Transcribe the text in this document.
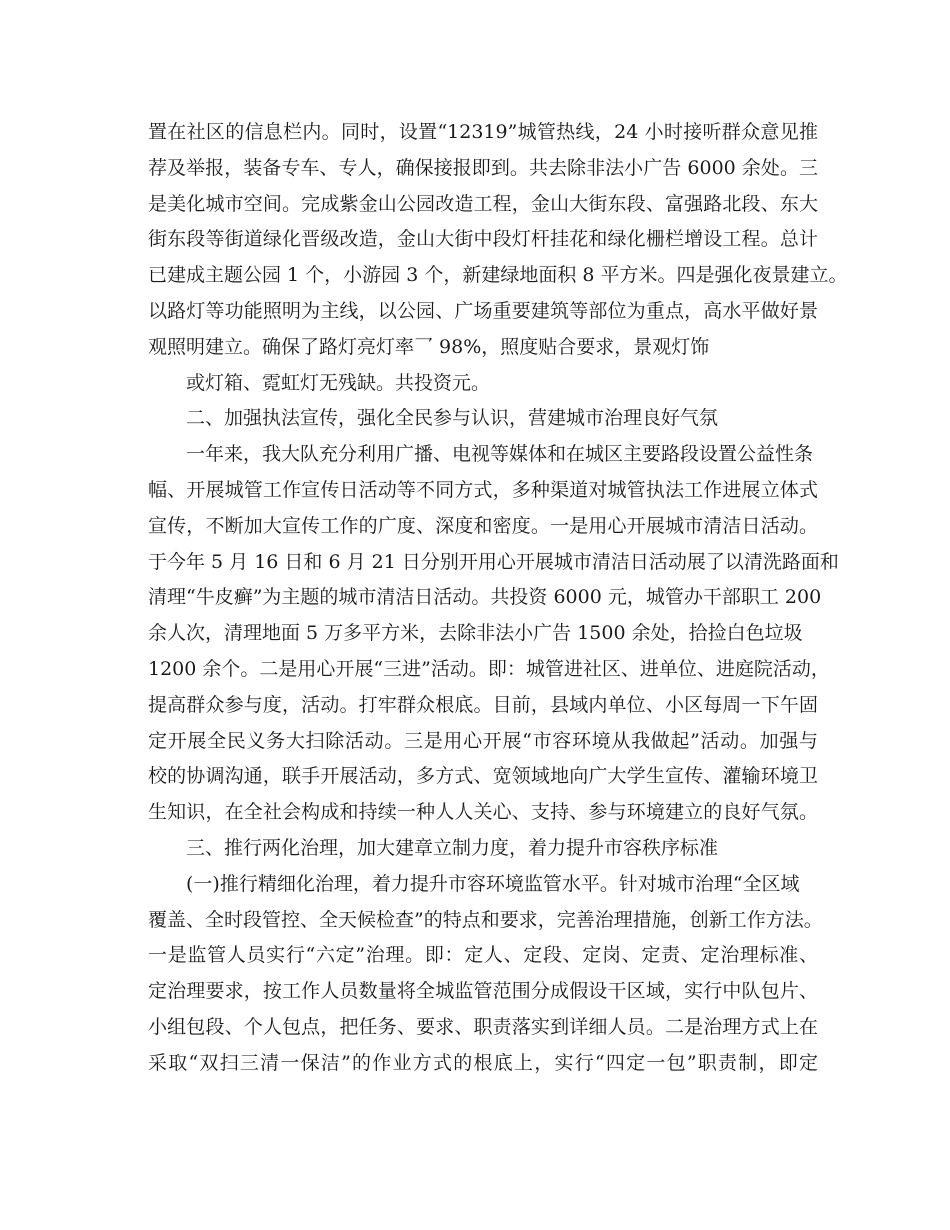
置在社区的信息栏内。同时，设置“12319”城管热线，24 小时接听群众意见推
荐及举报，装备专车、专人，确保接报即到。共去除非法小广告 6000 余处。三
是美化城市空间。完成紫金山公园改造工程，金山大街东段、富强路北段、东大
街东段等街道绿化晋级改造，金山大街中段灯杆挂花和绿化栅栏增设工程。总计
已建成主题公园 1 个，小游园 3 个，新建绿地面积 8 平方米。四是强化夜景建立。
以路灯等功能照明为主线，以公园、广场重要建筑等部位为重点，高水平做好景
观照明建立。确保了路灯亮灯率乛 98%，照度贴合要求，景观灯饰
或灯箱、霓虹灯无残缺。共投资元。
二、加强执法宣传，强化全民参与认识，营建城市治理良好气氛
一年来，我大队充分利用广播、电视等媒体和在城区主要路段设置公益性条
幅、开展城管工作宣传日活动等不同方式，多种渠道对城管执法工作进展立体式
宣传，不断加大宣传工作的广度、深度和密度。一是用心开展城市清洁日活动。
于今年 5 月 16 日和 6 月 21 日分别开用心开展城市清洁日活动展了以清洗路面和
清理“牛皮癣”为主题的城市清洁日活动。共投资 6000 元，城管办干部职工 200
余人次，清理地面 5 万多平方米，去除非法小广告 1500 余处，拾捡白色垃圾
1200 余个。二是用心开展“三进”活动。即：城管进社区、进单位、进庭院活动，
提高群众参与度，活动。打牢群众根底。目前，县域内单位、小区每周一下午固
定开展全民义务大扫除活动。三是用心开展“市容环境从我做起”活动。加强与
校的协调沟通，联手开展活动，多方式、宽领域地向广大学生宣传、灌输环境卫
生知识，在全社会构成和持续一种人人关心、支持、参与环境建立的良好气氛。
三、推行两化治理，加大建章立制力度，着力提升市容秩序标准
(一)推行精细化治理，着力提升市容环境监管水平。针对城市治理“全区域
覆盖、全时段管控、全天候检查”的特点和要求，完善治理措施，创新工作方法。
一是监管人员实行“六定”治理。即：定人、定段、定岗、定责、定治理标准、
定治理要求，按工作人员数量将全城监管范围分成假设干区域，实行中队包片、
小组包段、个人包点，把任务、要求、职责落实到详细人员。二是治理方式上在
采取“双扫三清一保洁”的作业方式的根底上，实行“四定一包”职责制，即定
